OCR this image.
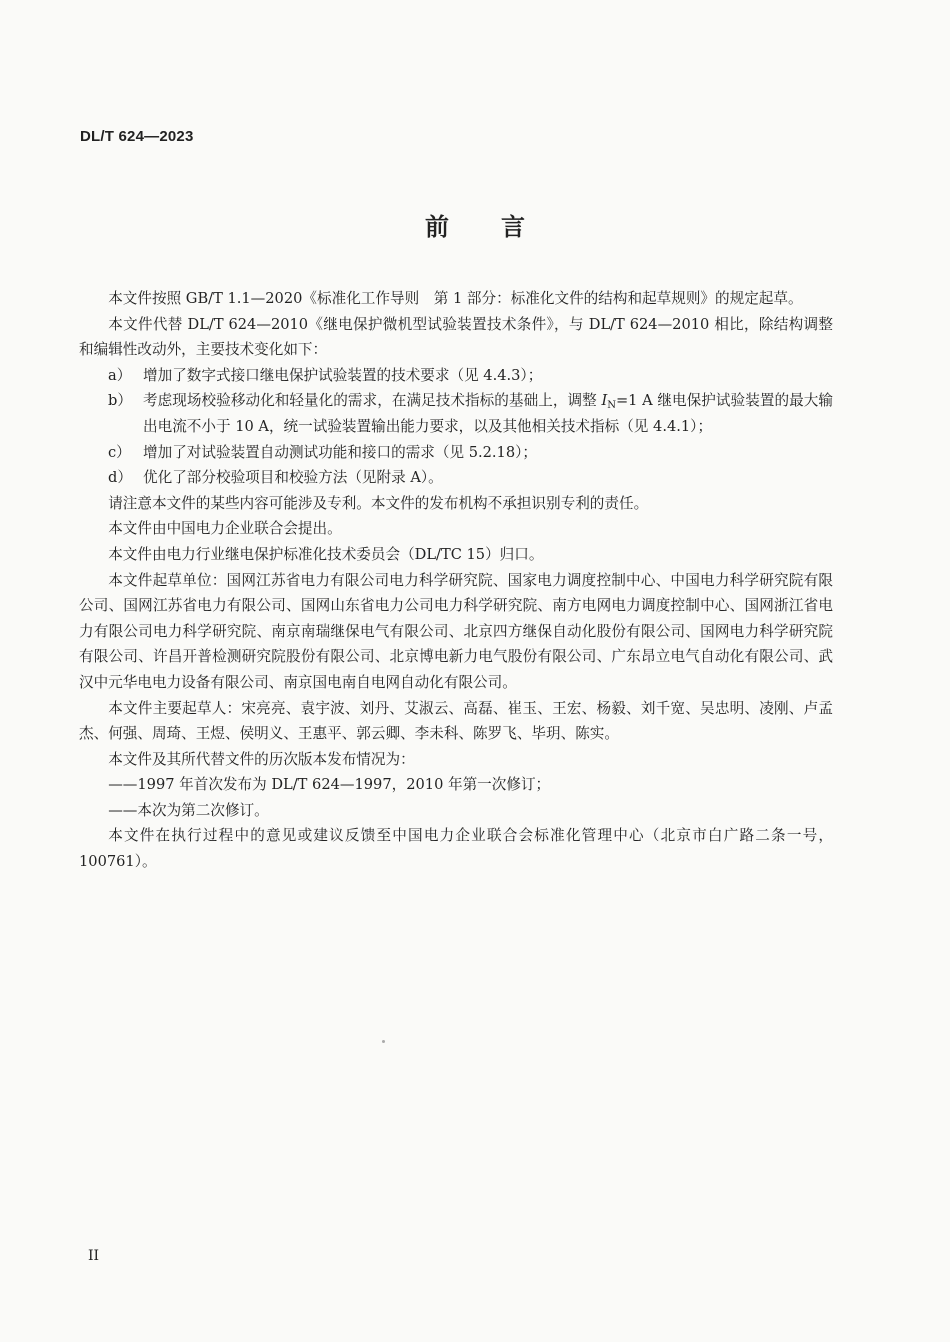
DL/T 624—2023
前言

本文件按照 GB/T 1.1—2020《标准化工作导则　第 1 部分：标准化文件的结构和起草规则》的规定起草。

本文件代替 DL/T 624—2010《继电保护微机型试验装置技术条件》，与 DL/T 624—2010 相比，除结构调整和编辑性改动外，主要技术变化如下：

a） 增加了数字式接口继电保护试验装置的技术要求（见 4.4.3）；
b） 考虑现场校验移动化和轻量化的需求，在满足技术指标的基础上，调整 $I_N=1$ A 继电保护试验装置的最大输出电流不小于 10 A，统一试验装置输出能力要求，以及其他相关技术指标（见 4.4.1）；
c） 增加了对试验装置自动测试功能和接口的需求（见 5.2.18）；
d） 优化了部分校验项目和校验方法（见附录 A）。

请注意本文件的某些内容可能涉及专利。本文件的发布机构不承担识别专利的责任。

本文件由中国电力企业联合会提出。

本文件由电力行业继电保护标准化技术委员会（DL/TC 15）归口。

本文件起草单位：国网江苏省电力有限公司电力科学研究院、国家电力调度控制中心、中国电力科学研究院有限公司、国网江苏省电力有限公司、国网山东省电力公司电力科学研究院、南方电网电力调度控制中心、国网浙江省电力有限公司电力科学研究院、南京南瑞继保电气有限公司、北京四方继保自动化股份有限公司、国网电力科学研究院有限公司、许昌开普检测研究院股份有限公司、北京博电新力电气股份有限公司、广东昂立电气自动化有限公司、武汉中元华电电力设备有限公司、南京国电南自电网自动化有限公司。

本文件主要起草人：宋亮亮、袁宇波、刘丹、艾淑云、高磊、崔玉、王宏、杨毅、刘千宽、吴忠明、凌刚、卢孟杰、何强、周琦、王煜、侯明义、王惠平、郭云卿、李未科、陈罗飞、毕玥、陈实。

本文件及其所代替文件的历次版本发布情况为：

——1997 年首次发布为 DL/T 624—1997，2010 年第一次修订；

——本次为第二次修订。

本文件在执行过程中的意见或建议反馈至中国电力企业联合会标准化管理中心（北京市白广路二条一号，100761）。

II
